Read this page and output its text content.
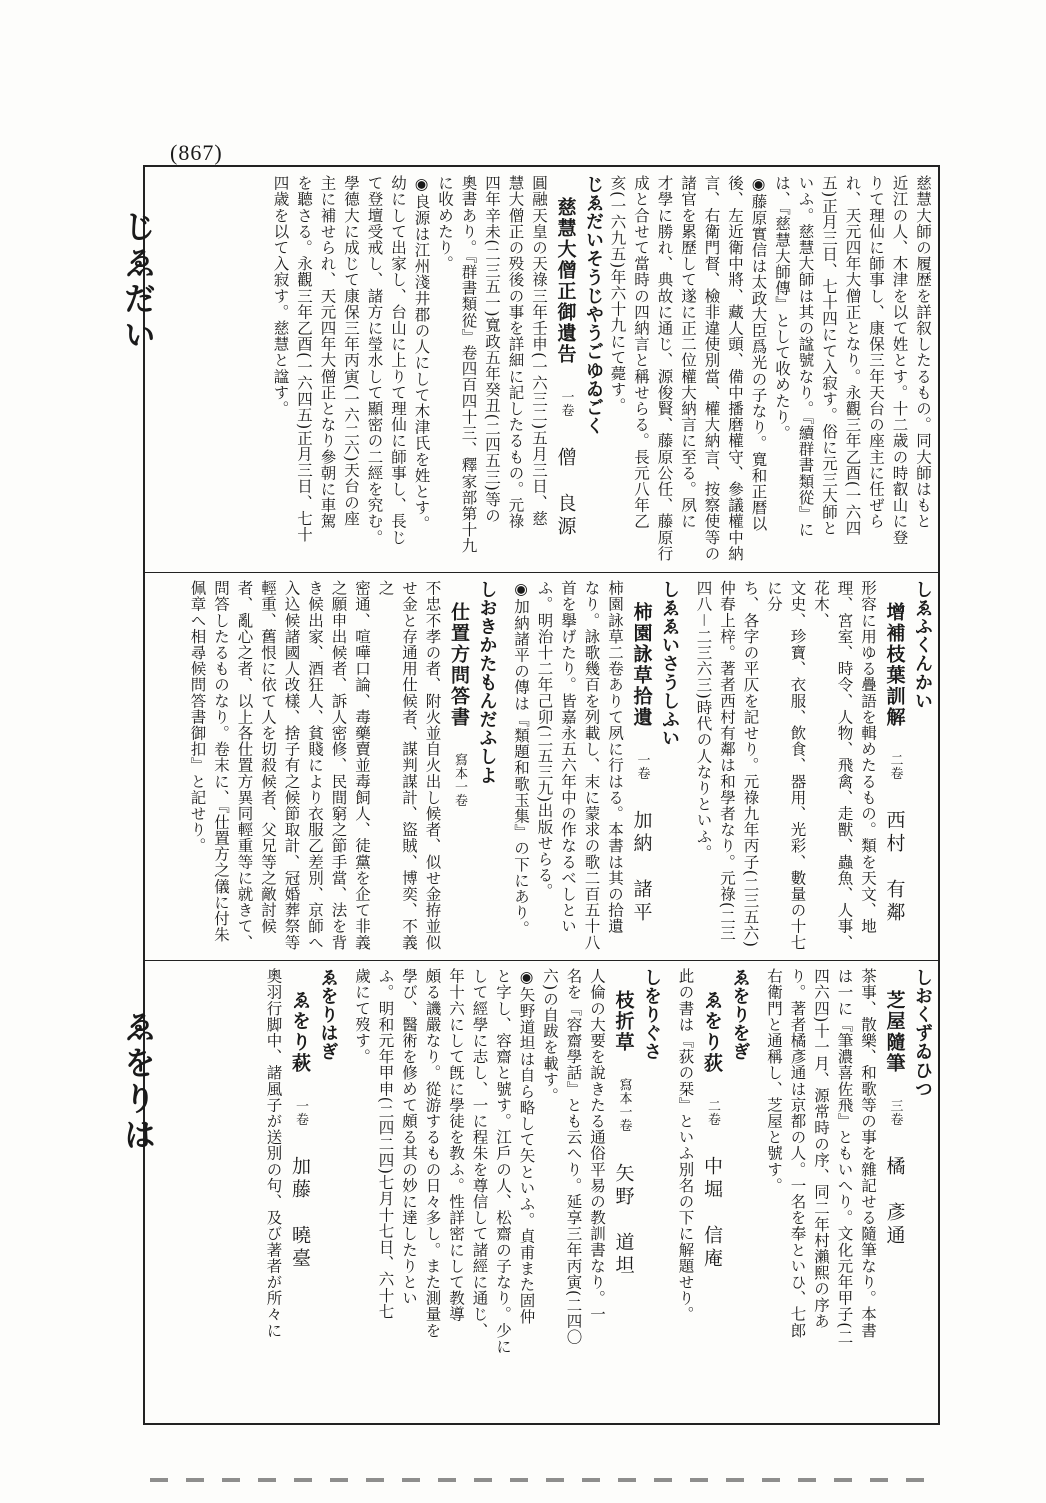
(867)
じゑだい
ゑをりは
慈慧大師の履歴を詳叙したるもの。同大師はもと
近江の人、木津を以て姓とす。十二歳の時叡山に登
りて理仙に師事し、康保三年天台の座主に任ぜら
れ、天元四年大僧正となり。永觀三年乙酉(一六四
五)正月三日、七十四にて入寂す。俗に元三大師と
いふ。慈慧大師は其の諡號なり。『續群書類從』に
は、『慈慧大師傳』として收めたり。
◉藤原實信は太政大臣爲光の子なり。寬和正暦以
後、左近衛中將、藏人頭、備中播磨權守、參議權中納
言、右衛門督、檢非違使別當、權大納言、按察使等の
諸官を累歷して遂に正二位權大納言に至る。夙に
才學に勝れ、典故に通じ、源俊賢、藤原公任、藤原行
成と合せて當時の四納言と稱せらる。長元八年乙
亥(一六九五)年六十九にて薨す。
じゑだいそうじやうごゆゐごく
慈慧大僧正御遺告 一卷 僧　良源
圓融天皇の天祿三年壬申(一六三二)五月三日、慈
慧大僧正の殁後の事を詳細に記したるもの。元祿
四年辛未(二三五一)寬政五年癸丑(二四五三)等の
奧書あり。『群書類從』卷四百四十三、釋家部第十九
に收めたり。
◉良源は江州淺井郡の人にして木津氏を姓とす。
幼にして出家し、台山に上りて理仙に師事し、長じ
て登壇受戒し、諸方に瑩水して顯密の二經を究む。
學德大に成じて康保三年丙寅(一六二六)天台の座
主に補せられ、天元四年大僧正となり參朝に車駕
を聽さる。永觀三年乙酉(一六四五)正月三日、七十
四歳を以て入寂す。慈慧と諡す。
しゑふくんかい
增補枝葉訓解 二卷 西村　有鄰
形容に用ゆる疊語を輯めたるもの。類を天文、地
理、宮室、時令、人物、飛禽、走獸、蟲魚、人事、花木、
文史、珍寶、衣服、飲食、器用、光彩、數量の十七に分
ち、各字の平仄を記せり。元祿九年丙子(二三五六)
仲春上梓。著者西村有鄰は和學者なり。元祿(二三
四八－二三六三)時代の人なりといふ。
しゑゑいさうしふい
柿園詠草拾遺 一卷 加納　諸平
柿園詠草二卷ありて夙に行はる。本書は其の拾遺
なり。詠歌幾百を列載し、末に蒙求の歌二百五十八
首を擧げたり。皆嘉永五六年中の作なるべしとい
ふ。明治十二年己卯(二五三九)出版せらる。
◉加納諸平の傳は『類題和歌玉集』の下にあり。
しおきかたもんだふしよ
仕置方問答書 寫本一卷
不忠不孝の者、附火並自火出し候者、似せ金拵並似
せ金と存通用仕候者、謀判謀計、盜賊、博奕、不義之
密通、喧嘩口論、毒藥賣並毒飼人、徒黨を企て非義
之願申出候者、訴人密修、民間窮之節手當、法を背
き候出家、酒狂人、貧賤により衣服乙差別、京師へ
入込候諸國人改樣、捨子有之候節取計、冠婚葬祭等
輕重、舊恨に依て人を切殺候者、父兄等之敵討候
者、亂心之者、以上各仕置方異同輕重等に就きて、
問答したるものなり。卷末に、『仕置方之儀に付朱
佩章へ相尋候問答書御扣』と記せり。
しおくずゐひつ
芝屋隨筆 三卷 橘　彥通
茶事、散樂、和歌等の事を雜記せる隨筆なり。本書
は一に『筆濃喜佐飛』ともいへり。文化元年甲子(二
四六四)十一月、源常時の序、同二年村瀨熙の序あ
り。著者橘彥通は京都の人。一名を奉といひ、七郎
右衛門と通稱し、芝屋と號す。
ゑをりをぎ
ゑをり荻 二卷 中堀　信庵
此の書は『荻の栞』といふ別名の下に解題せり。
しをりぐさ
枝折草 寫本一卷 矢野　道坦
人倫の大要を說きたる通俗平易の教訓書なり。一
名を『容齋學話』とも云へり。延享三年丙寅(二四〇
六)の自跋を載す。
◉矢野道坦は自ら略して矢といふ。貞甫また固仲
と字し、容齋と號す。江戶の人、松齋の子なり。少に
して經學に志し、一に程朱を尊信して諸經に通じ、
年十六にして旣に學徒を教ふ。性詳密にして教導
頗る譏嚴なり。從游するもの日々多し。また測量を
學び、醫術を修めて頗る其の妙に達したりとい
ふ。明和元年甲申(二四二四)七月十七日、六十七
歲にて歿す。
ゑをりはぎ
ゑをり萩 一卷 加藤　曉臺
奧羽行脚中、諸風子が送別の句、及び著者が所々に
